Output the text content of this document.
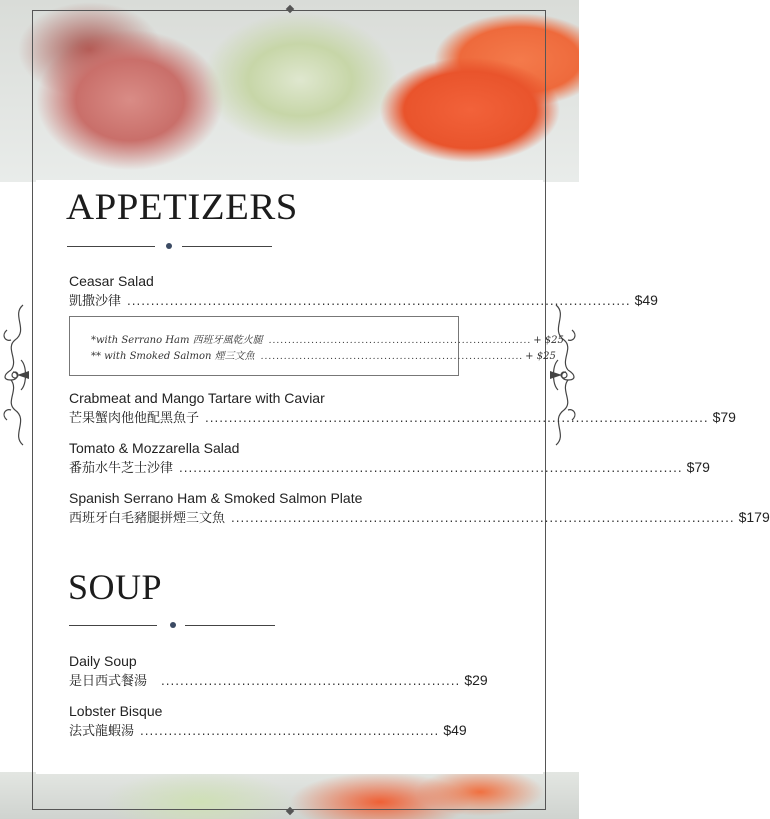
APPETIZERS
Ceasar Salad
凱撒沙律 .......................................................................................................... $49
*with Serrano Ham 西班牙風乾火腿 .................................................................... + $25
** with Smoked Salmon 煙三文魚 .................................................................... + $25
Crabmeat and Mango Tartare with Caviar
芒果蟹肉他他配黑魚子 .......................................................................................................... $79
Tomato & Mozzarella Salad
番茄水牛芝士沙律 .......................................................................................................... $79
Spanish Serrano Ham & Smoked Salmon Plate
西班牙白毛豬腿拼煙三文魚 .......................................................................................................... $179
SOUP
Daily Soup
是日西式餐湯 ............................................................... $29
Lobster Bisque
法式龍蝦湯 ............................................................... $49
